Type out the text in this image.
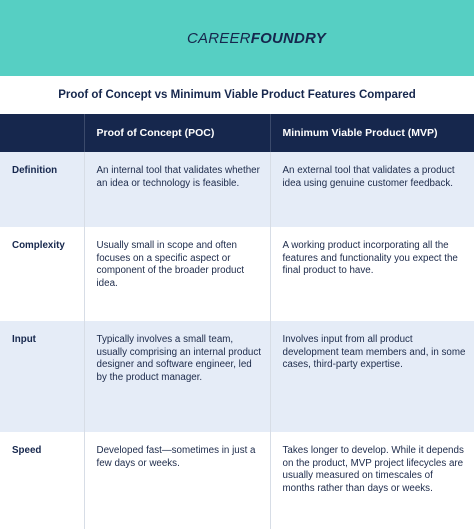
CAREERFOUNDRY
Proof of Concept vs Minimum Viable Product Features Compared
	Proof of Concept (POC)	Minimum Viable Product (MVP)
Definition	An internal tool that validates whether an idea or technology is feasible.	An external tool that validates a product idea using genuine customer feedback.
Complexity	Usually small in scope and often focuses on a specific aspect or component of the broader product idea.	A working product incorporating all the features and functionality you expect the final product to have.
Input	Typically involves a small team, usually comprising an internal product designer and software engineer, led by the product manager.	Involves input from all product development team members and, in some cases, third-party expertise.
Speed	Developed fast—sometimes in just a few days or weeks.	Takes longer to develop. While it depends on the product, MVP project lifecycles are usually measured on timescales of months rather than days or weeks.
